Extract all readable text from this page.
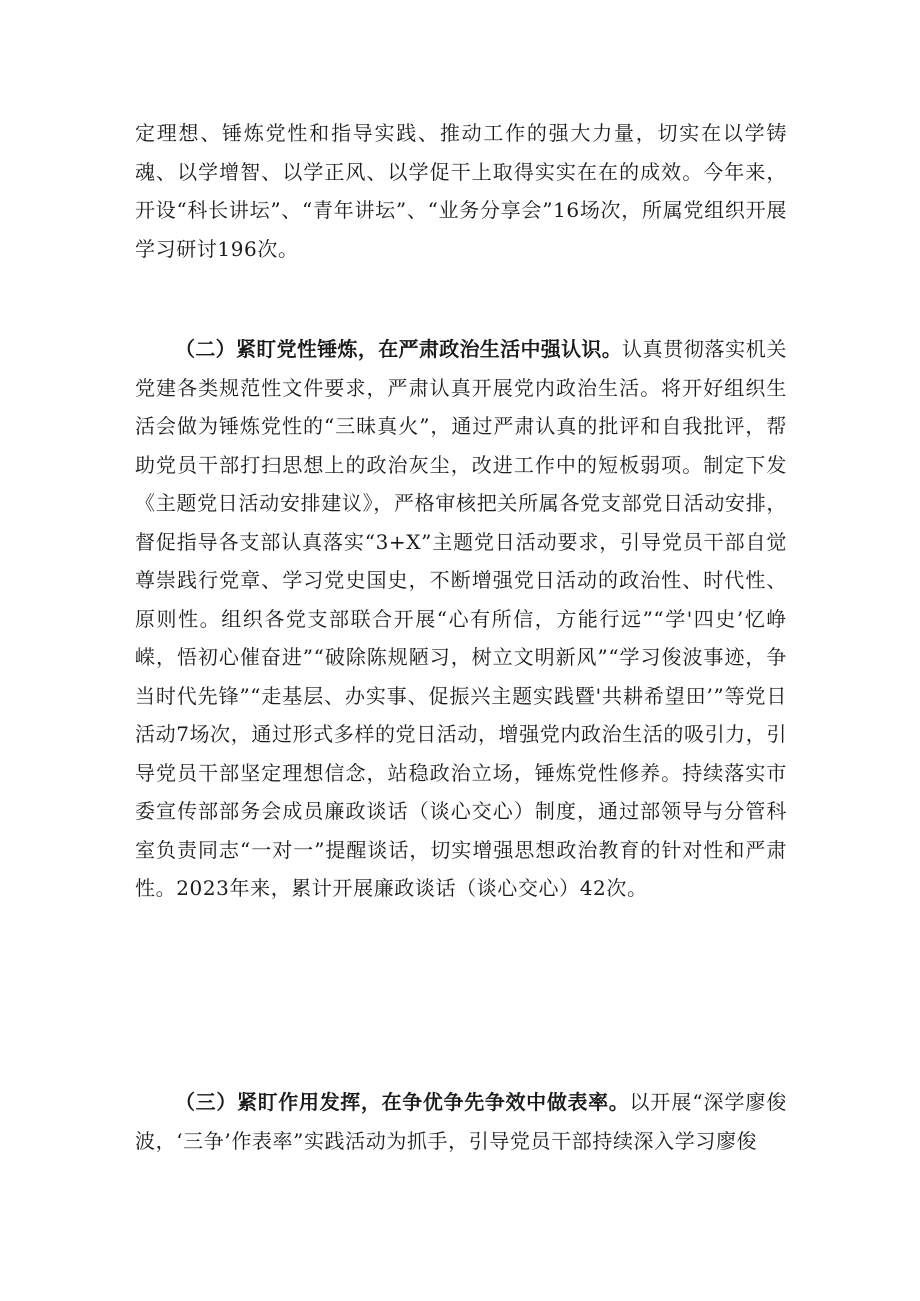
定理想、锤炼党性和指导实践、推动工作的强大力量，切实在以学铸魂、以学增智、以学正风、以学促干上取得实实在在的成效。今年来，开设“科长讲坛”、“青年讲坛”、“业务分享会”16场次，所属党组织开展学习研讨196次。

（二）紧盯党性锤炼，在严肃政治生活中强认识。认真贯彻落实机关党建各类规范性文件要求，严肃认真开展党内政治生活。将开好组织生活会做为锤炼党性的“三昧真火”，通过严肃认真的批评和自我批评，帮助党员干部打扫思想上的政治灰尘，改进工作中的短板弱项。制定下发《主题党日活动安排建议》，严格审核把关所属各党支部党日活动安排，督促指导各支部认真落实“3+X”主题党日活动要求，引导党员干部自觉尊崇践行党章、学习党史国史，不断增强党日活动的政治性、时代性、原则性。组织各党支部联合开展“心有所信，方能行远”“学'四史’忆峥嵘，悟初心催奋进”“破除陈规陋习，树立文明新风”“学习俊波事迹，争当时代先锋”“走基层、办实事、促振兴主题实践暨'共耕希望田’”等党日活动7场次，通过形式多样的党日活动，增强党内政治生活的吸引力，引导党员干部坚定理想信念，站稳政治立场，锤炼党性修养。持续落实市委宣传部部务会成员廉政谈话（谈心交心）制度，通过部领导与分管科室负责同志“一对一”提醒谈话，切实增强思想政治教育的针对性和严肃性。2023年来，累计开展廉政谈话（谈心交心）42次。

（三）紧盯作用发挥，在争优争先争效中做表率。以开展“深学廖俊波，‘三争’作表率”实践活动为抓手，引导党员干部持续深入学习廖俊
